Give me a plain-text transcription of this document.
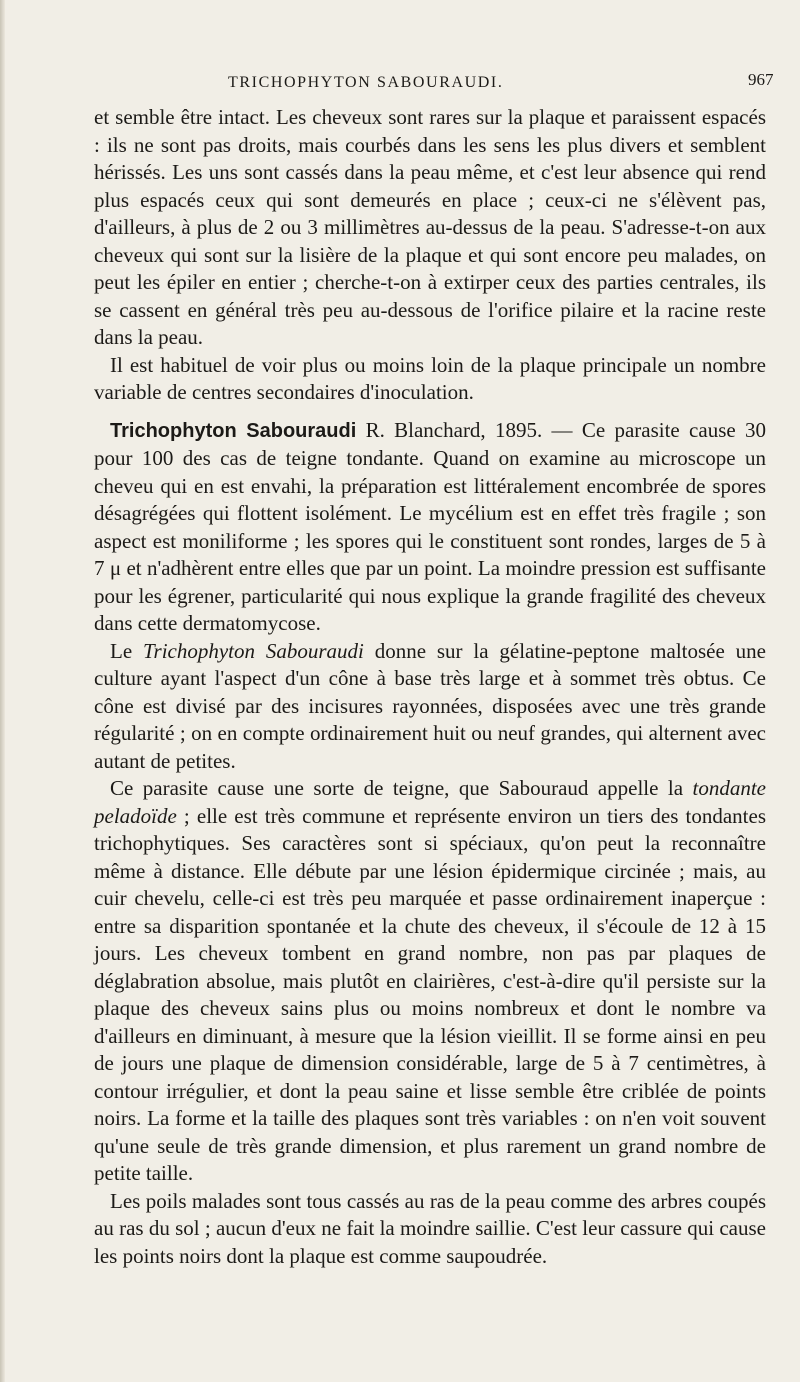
TRICHOPHYTON SABOURAUDI.	967

et semble être intact. Les cheveux sont rares sur la plaque et paraissent espacés : ils ne sont pas droits, mais courbés dans les sens les plus divers et semblent hérissés. Les uns sont cassés dans la peau même, et c'est leur absence qui rend plus espacés ceux qui sont demeurés en place ; ceux-ci ne s'élèvent pas, d'ailleurs, à plus de 2 ou 3 millimètres au-dessus de la peau. S'adresse-t-on aux cheveux qui sont sur la lisière de la plaque et qui sont encore peu malades, on peut les épiler en entier ; cherche-t-on à extirper ceux des parties centrales, ils se cassent en général très peu au-dessous de l'orifice pilaire et la racine reste dans la peau.

Il est habituel de voir plus ou moins loin de la plaque principale un nombre variable de centres secondaires d'inoculation.

Trichophyton Sabouraudi R. Blanchard, 1895. — Ce parasite cause 30 pour 100 des cas de teigne tondante. Quand on examine au microscope un cheveu qui en est envahi, la préparation est littéralement encombrée de spores désagrégées qui flottent isolément. Le mycélium est en effet très fragile ; son aspect est moniliforme ; les spores qui le constituent sont rondes, larges de 5 à 7 μ et n'adhèrent entre elles que par un point. La moindre pression est suffisante pour les égrener, particularité qui nous explique la grande fragilité des cheveux dans cette dermatomycose.

Le Trichophyton Sabouraudi donne sur la gélatine-peptone maltosée une culture ayant l'aspect d'un cône à base très large et à sommet très obtus. Ce cône est divisé par des incisures rayonnées, disposées avec une très grande régularité ; on en compte ordinairement huit ou neuf grandes, qui alternent avec autant de petites.

Ce parasite cause une sorte de teigne, que Sabouraud appelle la tondante peladoïde ; elle est très commune et représente environ un tiers des tondantes trichophytiques. Ses caractères sont si spéciaux, qu'on peut la reconnaître même à distance. Elle débute par une lésion épidermique circinée ; mais, au cuir chevelu, celle-ci est très peu marquée et passe ordinairement inaperçue : entre sa disparition spontanée et la chute des cheveux, il s'écoule de 12 à 15 jours. Les cheveux tombent en grand nombre, non pas par plaques de déglabration absolue, mais plutôt en clairières, c'est-à-dire qu'il persiste sur la plaque des cheveux sains plus ou moins nombreux et dont le nombre va d'ailleurs en diminuant, à mesure que la lésion vieillit. Il se forme ainsi en peu de jours une plaque de dimension considérable, large de 5 à 7 centimètres, à contour irrégulier, et dont la peau saine et lisse semble être criblée de points noirs. La forme et la taille des plaques sont très variables : on n'en voit souvent qu'une seule de très grande dimension, et plus rarement un grand nombre de petite taille.

Les poils malades sont tous cassés au ras de la peau comme des arbres coupés au ras du sol ; aucun d'eux ne fait la moindre saillie. C'est leur cassure qui cause les points noirs dont la plaque est comme saupoudrée.
